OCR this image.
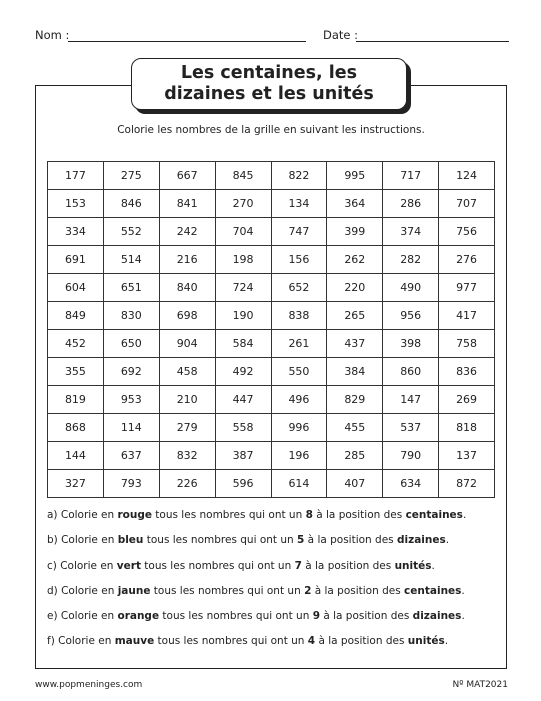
Nom :	Date :
Les centaines, les dizaines et les unités
Colorie les nombres de la grille en suivant les instructions.
177	275	667	845	822	995	717	124
153	846	841	270	134	364	286	707
334	552	242	704	747	399	374	756
691	514	216	198	156	262	282	276
604	651	840	724	652	220	490	977
849	830	698	190	838	265	956	417
452	650	904	584	261	437	398	758
355	692	458	492	550	384	860	836
819	953	210	447	496	829	147	269
868	114	279	558	996	455	537	818
144	637	832	387	196	285	790	137
327	793	226	596	614	407	634	872
a) Colorie en rouge tous les nombres qui ont un 8 à la position des centaines.
b) Colorie en bleu tous les nombres qui ont un 5 à la position des dizaines.
c) Colorie en vert tous les nombres qui ont un 7 à la position des unités.
d) Colorie en jaune tous les nombres qui ont un 2 à la position des centaines.
e) Colorie en orange tous les nombres qui ont un 9 à la position des dizaines.
f) Colorie en mauve tous les nombres qui ont un 4 à la position des unités.
www.popmeninges.com	Nº MAT2021
